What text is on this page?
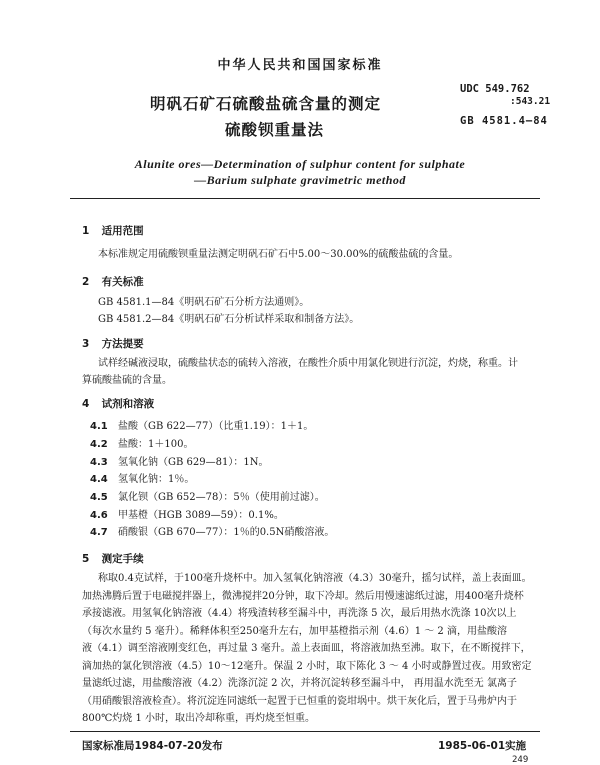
中华人民共和国国家标准
明矾石矿石硫酸盐硫含量的测定
硫酸钡重量法
UDC 549.762
:543.21
GB 4581.4—84
Alunite ores—Determination of sulphur content for sulphate
—Barium sulphate gravimetric method
1 适用范围
本标准规定用硫酸钡重量法测定明矾石矿石中5.00～30.00%的硫酸盐硫的含量。
2 有关标准
GB 4581.1—84《明矾石矿石分析方法通则》。
GB 4581.2—84《明矾石矿石分析试样采取和制备方法》。
3 方法提要
试样经碱液浸取，硫酸盐状态的硫转入溶液，在酸性介质中用氯化钡进行沉淀，灼烧，称重。计
算硫酸盐硫的含量。
4 试剂和溶液
4.1 盐酸（GB 622—77）（比重1.19）：1＋1。
4.2 盐酸：1＋100。
4.3 氢氧化钠（GB 629—81）：1N。
4.4 氢氧化钠：1％。
4.5 氯化钡（GB 652—78）：5％（使用前过滤）。
4.6 甲基橙（HGB 3089—59）：0.1%。
4.7 硝酸银（GB 670—77）：1％的0.5N硝酸溶液。
5 测定手续
称取0.4克试样，于100毫升烧杯中。加入氢氧化钠溶液（4.3）30毫升，摇匀试样，盖上表面皿。
加热沸腾后置于电磁搅拌器上，微沸搅拌20分钟，取下冷却。然后用慢速滤纸过滤，用400毫升烧杯
承接滤液。用氢氧化钠溶液（4.4）将残渣转移至漏斗中，再洗涤 5 次，最后用热水洗涤 10次以上
（每次水量约 5 毫升）。稀释体积至250毫升左右，加甲基橙指示剂（4.6）1 ～ 2 滴，用盐酸溶
液（4.1）调至溶液刚变红色，再过量 3 毫升。盖上表面皿，将溶液加热至沸。取下，在不断搅拌下，
滴加热的氯化钡溶液（4.5）10～12毫升。保温 2 小时，取下陈化 3 ～ 4 小时或静置过夜。用致密定
量滤纸过滤，用盐酸溶液（4.2）洗涤沉淀 2 次，并将沉淀转移至漏斗中， 再用温水洗至无 氯离子
（用硝酸银溶液检查）。将沉淀连同滤纸一起置于已恒重的瓷坩埚中。烘干灰化后，置于马弗炉内于
800℃灼烧 1 小时，取出冷却称重，再灼烧至恒重。
国家标准局1984-07-20发布	1985-06-01实施
249
